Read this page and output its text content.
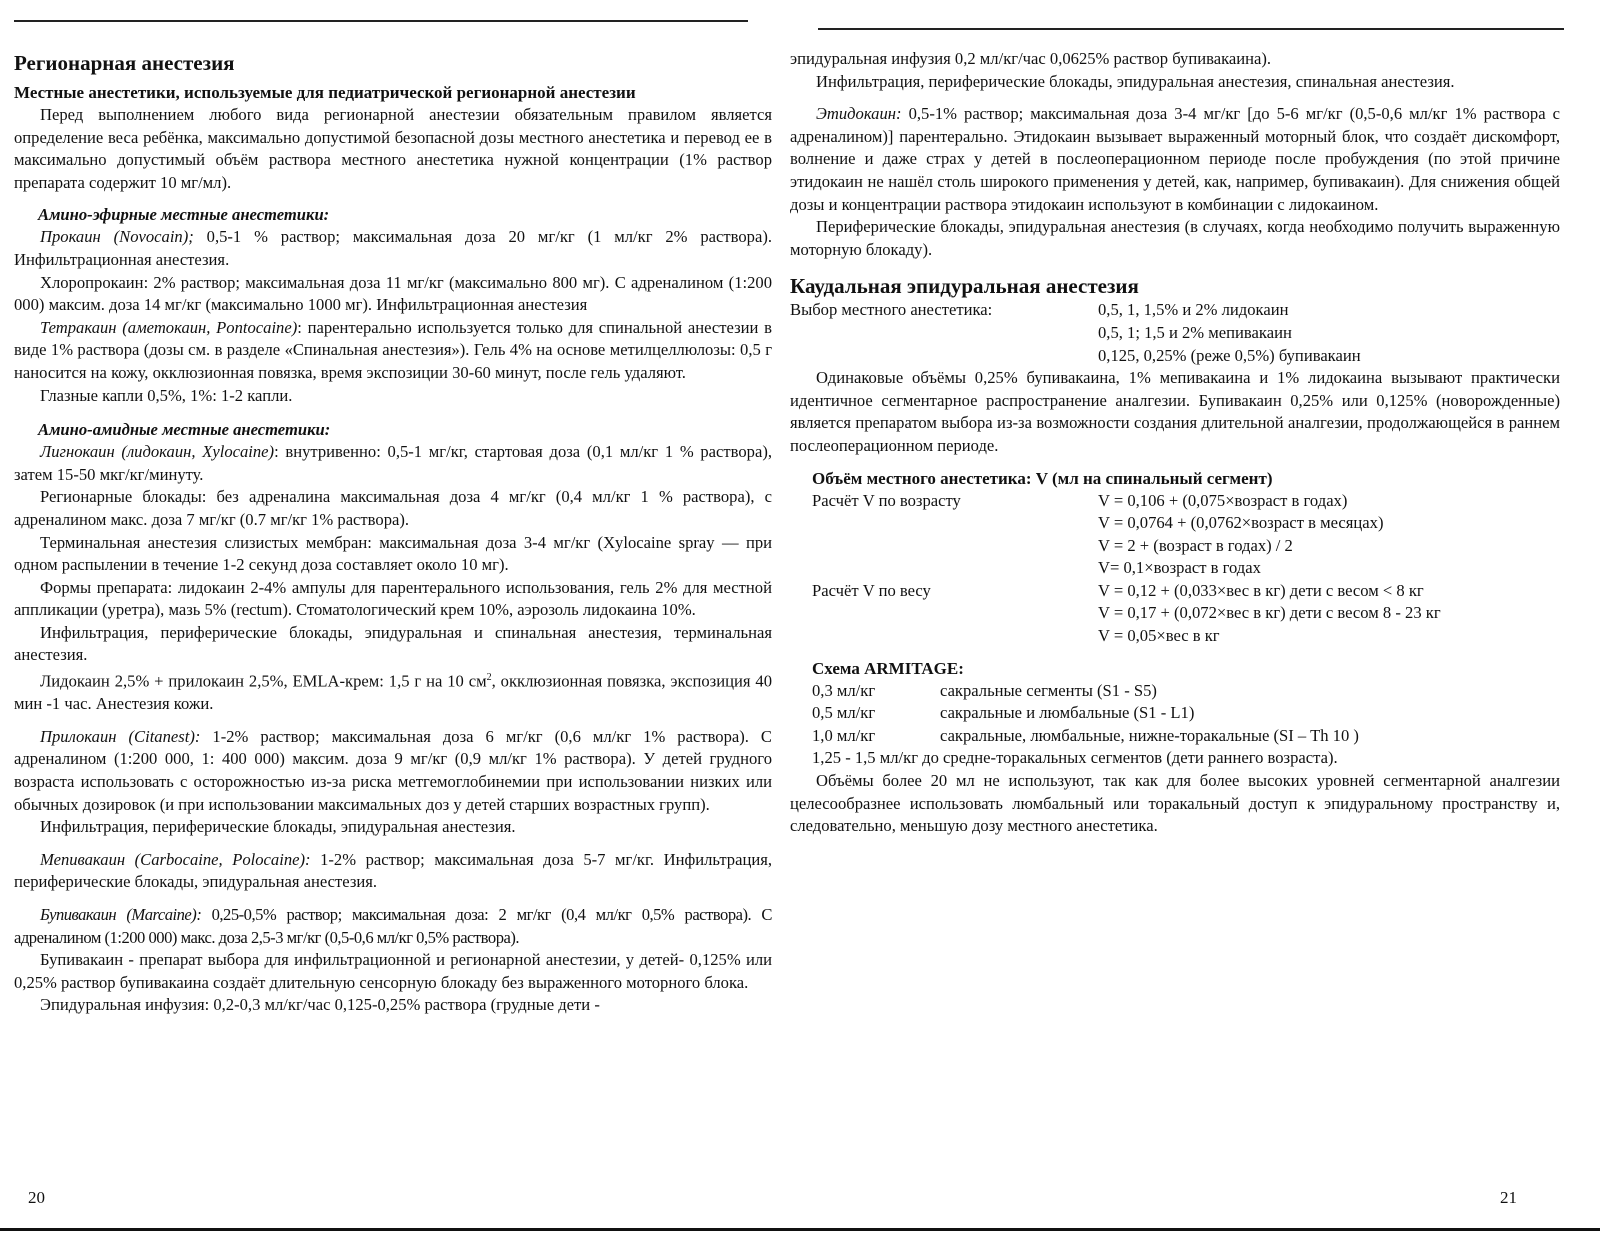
Регионарная анестезия
Местные анестетики, используемые для педиатрической регионарной анестезии

Перед выполнением любого вида регионарной анестезии обязательным правилом является определение веса ребёнка, максимально допустимой безопасной дозы местного анестетика и перевод ее в максимально допустимый объём раствора местного анестетика нужной концентрации (1% раствор препарата содержит 10 мг/мл).

Амино-эфирные местные анестетики:

Прокаин (Novocain); 0,5-1 % раствор; максимальная доза 20 мг/кг (1 мл/кг 2% раствора). Инфильтрационная анестезия.

Хлоропрокаин: 2% раствор; максимальная доза 11 мг/кг (максимально 800 мг). С адреналином (1:200 000) максим. доза 14 мг/кг (максимально 1000 мг). Инфильтрационная анестезия

Тетракаин (аметокаин, Pontocaine): парентерально используется только для спинальной анестезии в виде 1% раствора (дозы см. в разделе «Спинальная анестезия»). Гель 4% на основе метилцеллюлозы: 0,5 г наносится на кожу, окклюзионная повязка, время экспозиции 30-60 минут, после гель удаляют.

Глазные капли 0,5%, 1%: 1-2 капли.

Амино-амидные местные анестетики:

Лигнокаин (лидокаин, Xylocaine): внутривенно: 0,5-1 мг/кг, стартовая доза (0,1 мл/кг 1 % раствора), затем 15-50 мкг/кг/минуту.

Регионарные блокады: без адреналина максимальная доза 4 мг/кг (0,4 мл/кг 1 % раствора), с адреналином макс. доза 7 мг/кг (0.7 мг/кг 1% раствора).

Терминальная анестезия слизистых мембран: максимальная доза 3-4 мг/кг (Xylocaine spray — при одном распылении в течение 1-2 секунд доза составляет около 10 мг).

Формы препарата: лидокаин 2-4% ампулы для парентерального использования, гель 2% для местной аппликации (уретра), мазь 5% (rectum). Стоматологический крем 10%, аэрозоль лидокаина 10%.

Инфильтрация, периферические блокады, эпидуральная и спинальная анестезия, терминальная анестезия.

Лидокаин 2,5% + прилокаин 2,5%, EMLA-крем: 1,5 г на 10 $см^2$, окклюзионная повязка, экспозиция 40 мин -1 час. Анестезия кожи.

Прилокаин (Citanest): 1-2% раствор; максимальная доза 6 мг/кг (0,6 мл/кг 1% раствора). С адреналином (1:200 000, 1: 400 000) максим. доза 9 мг/кг (0,9 мл/кг 1% раствора). У детей грудного возраста использовать с осторожностью из-за риска метгемоглобинемии при использовании низких или обычных дозировок (и при использовании максимальных доз у детей старших возрастных групп).

Инфильтрация, периферические блокады, эпидуральная анестезия.

Мепивакаин (Carbocaine, Polocaine): 1-2% раствор; максимальная доза 5-7 мг/кг. Инфильтрация, периферические блокады, эпидуральная анестезия.

Бупивакаин (Marcaine): 0,25-0,5% раствор; максимальная доза: 2 мг/кг (0,4 мл/кг 0,5% раствора). С адреналином (1:200 000) макс. доза 2,5-3 мг/кг (0,5-0,6 мл/кг 0,5% раствора).

Бупивакаин - препарат выбора для инфильтрационной и регионарной анестезии, у детей- 0,125% или 0,25% раствор бупивакаина создаёт длительную сенсорную блокаду без выраженного моторного блока.

Эпидуральная инфузия: 0,2-0,3 мл/кг/час 0,125-0,25% раствора (грудные дети -

20

эпидуральная инфузия 0,2 мл/кг/час 0,0625% раствор бупивакаина).

Инфильтрация, периферические блокады, эпидуральная анестезия, спинальная анестезия.

Этидокаин: 0,5-1% раствор; максимальная доза 3-4 мг/кг [до 5-6 мг/кг (0,5-0,6 мл/кг 1% раствора с адреналином)] парентерально. Этидокаин вызывает выраженный моторный блок, что создаёт дискомфорт, волнение и даже страх у детей в послеоперационном периоде после пробуждения (по этой причине этидокаин не нашёл столь широкого применения у детей, как, например, бупивакаин). Для снижения общей дозы и концентрации раствора этидокаин используют в комбинации с лидокаином.

Периферические блокады, эпидуральная анестезия (в случаях, когда необходимо получить выраженную моторную блокаду).

Каудальная эпидуральная анестезия
Выбор местного анестетика:	0,5, 1, 1,5% и 2% лидокаин
	0,5, 1; 1,5 и 2% мепивакаин
	0,125, 0,25% (реже 0,5%) бупивакаин

Одинаковые объёмы 0,25% бупивакаина, 1% мепивакаина и 1% лидокаина вызывают практически идентичное сегментарное распространение аналгезии. Бупивакаин 0,25% или 0,125% (новорожденные) является препаратом выбора из-за возможности создания длительной аналгезии, продолжающейся в раннем послеоперационном периоде.

Объём местного анестетика: V (мл на спинальный сегмент)
Расчёт V по возрасту	V = 0,106 + (0,075×возраст в годах)
	V = 0,0764 + (0,0762×возраст в месяцах)
	V = 2 + (возраст в годах) / 2
	V= 0,1×возраст в годах
Расчёт V по весу	V = 0,12 + (0,033×вес в кг) дети с весом < 8 кг
	V = 0,17 + (0,072×вес в кг) дети с весом 8 - 23 кг
	V = 0,05×вес в кг
Схема ARMITAGE:
0,3 мл/кг	сакральные сегменты (S1 - S5)
0,5 мл/кг	сакральные и люмбальные (S1 - L1)
1,0 мл/кг	сакральные, люмбальные, нижне-торакальные (SI – Th 10 )

1,25 - 1,5 мл/кг до средне-торакальных сегментов (дети раннего возраста).

Объёмы более 20 мл не используют, так как для более высоких уровней сегментарной аналгезии целесообразнее использовать люмбальный или торакальный доступ к эпидуральному пространству и, следовательно, меньшую дозу местного анестетика.

21
